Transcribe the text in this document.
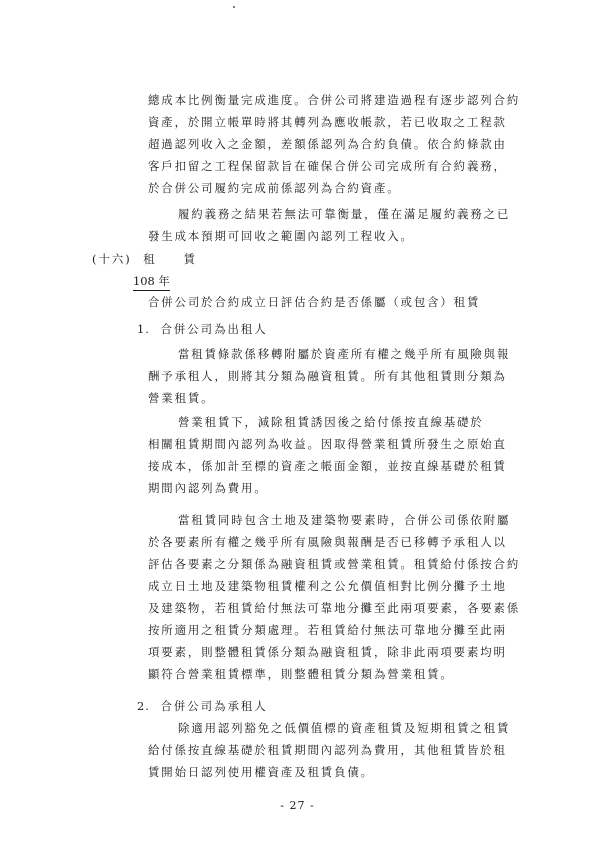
總成本比例衡量完成進度。合併公司將建造過程有逐步認列合約
資產，於開立帳單時將其轉列為應收帳款，若已收取之工程款
超過認列收入之金額，差額係認列為合約負債。依合約條款由
客戶扣留之工程保留款旨在確保合併公司完成所有合約義務，
於合併公司履約完成前係認列為合約資產。

履約義務之結果若無法可靠衡量，僅在滿足履約義務之已
發生成本預期可回收之範圍內認列工程收入。

(十六) 租　　賃
108 年

合併公司於合約成立日評估合約是否係屬（或包含）租賃

1. 合併公司為出租人

當租賃條款係移轉附屬於資產所有權之幾乎所有風險與報
酬予承租人，則將其分類為融資租賃。所有其他租賃則分類為
營業租賃。

營業租賃下，減除租賃誘因後之給付係按直線基礎於
相關租賃期間內認列為收益。因取得營業租賃所發生之原始直
接成本，係加計至標的資產之帳面金額，並按直線基礎於租賃
期間內認列為費用。

當租賃同時包含土地及建築物要素時，合併公司係依附屬
於各要素所有權之幾乎所有風險與報酬是否已移轉予承租人以
評估各要素之分類係為融資租賃或營業租賃。租賃給付係按合約
成立日土地及建築物租賃權利之公允價值相對比例分攤予土地
及建築物，若租賃給付無法可靠地分攤至此兩項要素，各要素係
按所適用之租賃分類處理。若租賃給付無法可靠地分攤至此兩
項要素，則整體租賃係分類為融資租賃，除非此兩項要素均明
顯符合營業租賃標準，則整體租賃分類為營業租賃。

2. 合併公司為承租人

除適用認列豁免之低價值標的資產租賃及短期租賃之租賃
給付係按直線基礎於租賃期間內認列為費用，其他租賃皆於租
賃開始日認列使用權資產及租賃負債。

- 27 -
